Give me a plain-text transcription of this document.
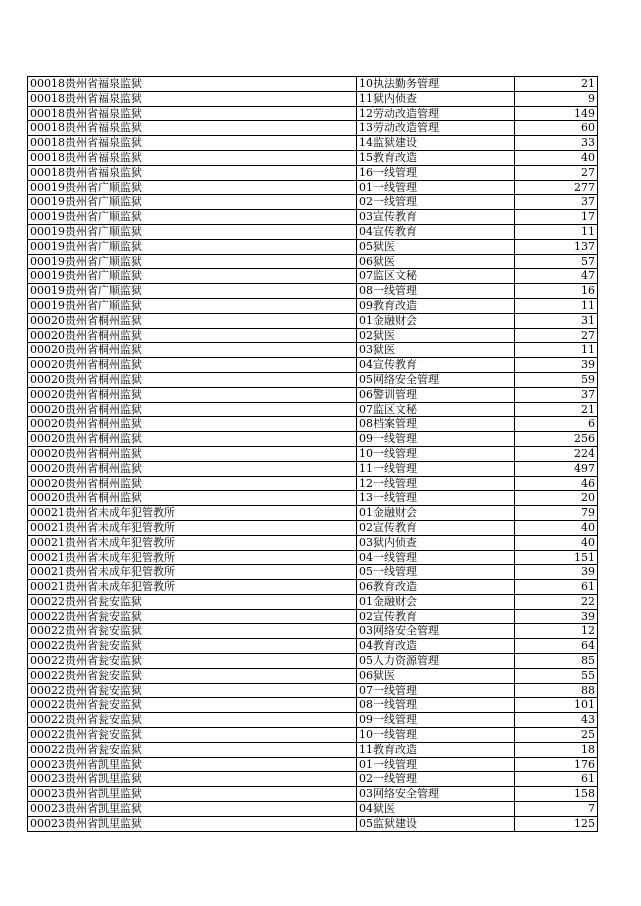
00018贵州省福泉监狱	10执法勤务管理	21
00018贵州省福泉监狱	11狱内侦查	9
00018贵州省福泉监狱	12劳动改造管理	149
00018贵州省福泉监狱	13劳动改造管理	60
00018贵州省福泉监狱	14监狱建设	33
00018贵州省福泉监狱	15教育改造	40
00018贵州省福泉监狱	16一线管理	27
00019贵州省广顺监狱	01一线管理	277
00019贵州省广顺监狱	02一线管理	37
00019贵州省广顺监狱	03宣传教育	17
00019贵州省广顺监狱	04宣传教育	11
00019贵州省广顺监狱	05狱医	137
00019贵州省广顺监狱	06狱医	57
00019贵州省广顺监狱	07监区文秘	47
00019贵州省广顺监狱	08一线管理	16
00019贵州省广顺监狱	09教育改造	11
00020贵州省桐州监狱	01金融财会	31
00020贵州省桐州监狱	02狱医	27
00020贵州省桐州监狱	03狱医	11
00020贵州省桐州监狱	04宣传教育	39
00020贵州省桐州监狱	05网络安全管理	59
00020贵州省桐州监狱	06警训管理	37
00020贵州省桐州监狱	07监区文秘	21
00020贵州省桐州监狱	08档案管理	6
00020贵州省桐州监狱	09一线管理	256
00020贵州省桐州监狱	10一线管理	224
00020贵州省桐州监狱	11一线管理	497
00020贵州省桐州监狱	12一线管理	46
00020贵州省桐州监狱	13一线管理	20
00021贵州省未成年犯管教所	01金融财会	79
00021贵州省未成年犯管教所	02宣传教育	40
00021贵州省未成年犯管教所	03狱内侦查	40
00021贵州省未成年犯管教所	04一线管理	151
00021贵州省未成年犯管教所	05一线管理	39
00021贵州省未成年犯管教所	06教育改造	61
00022贵州省瓮安监狱	01金融财会	22
00022贵州省瓮安监狱	02宣传教育	39
00022贵州省瓮安监狱	03网络安全管理	12
00022贵州省瓮安监狱	04教育改造	64
00022贵州省瓮安监狱	05人力资源管理	85
00022贵州省瓮安监狱	06狱医	55
00022贵州省瓮安监狱	07一线管理	88
00022贵州省瓮安监狱	08一线管理	101
00022贵州省瓮安监狱	09一线管理	43
00022贵州省瓮安监狱	10一线管理	25
00022贵州省瓮安监狱	11教育改造	18
00023贵州省凯里监狱	01一线管理	176
00023贵州省凯里监狱	02一线管理	61
00023贵州省凯里监狱	03网络安全管理	158
00023贵州省凯里监狱	04狱医	7
00023贵州省凯里监狱	05监狱建设	125
